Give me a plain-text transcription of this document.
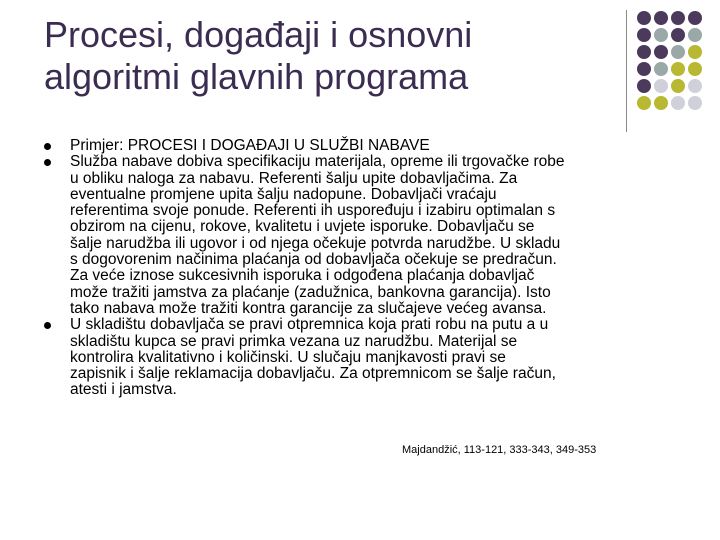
Procesi, događaji i osnovni
algoritmi glavnih programa
Primjer: PROCESI I DOGAĐAJI U SLUŽBI NABAVE
Služba nabave dobiva specifikaciju materijala, opreme ili trgovačke robe
u obliku naloga za nabavu. Referenti šalju upite dobavljačima. Za
eventualne promjene upita šalju nadopune. Dobavljači vraćaju
referentima svoje ponude. Referenti ih uspoređuju i izabiru optimalan s
obzirom na cijenu, rokove, kvalitetu i uvjete isporuke. Dobavljaču se
šalje narudžba ili ugovor i od njega očekuje potvrda narudžbe. U skladu
s dogovorenim načinima plaćanja od dobavljača očekuje se predračun.
Za veće iznose sukcesivnih isporuka i odgođena plaćanja dobavljač
može tražiti jamstva za plaćanje (zadužnica, bankovna garancija). Isto
tako nabava može tražiti kontra garancije za slučajeve većeg avansa.
U skladištu dobavljača se pravi otpremnica koja prati robu na putu a u
skladištu kupca se pravi primka vezana uz narudžbu. Materijal se
kontrolira kvalitativno i količinski. U slučaju manjkavosti pravi se
zapisnik i šalje reklamacija dobavljaču. Za otpremnicom se šalje račun,
atesti i jamstva.
Majdandžić, 113-121, 333-343, 349-353
